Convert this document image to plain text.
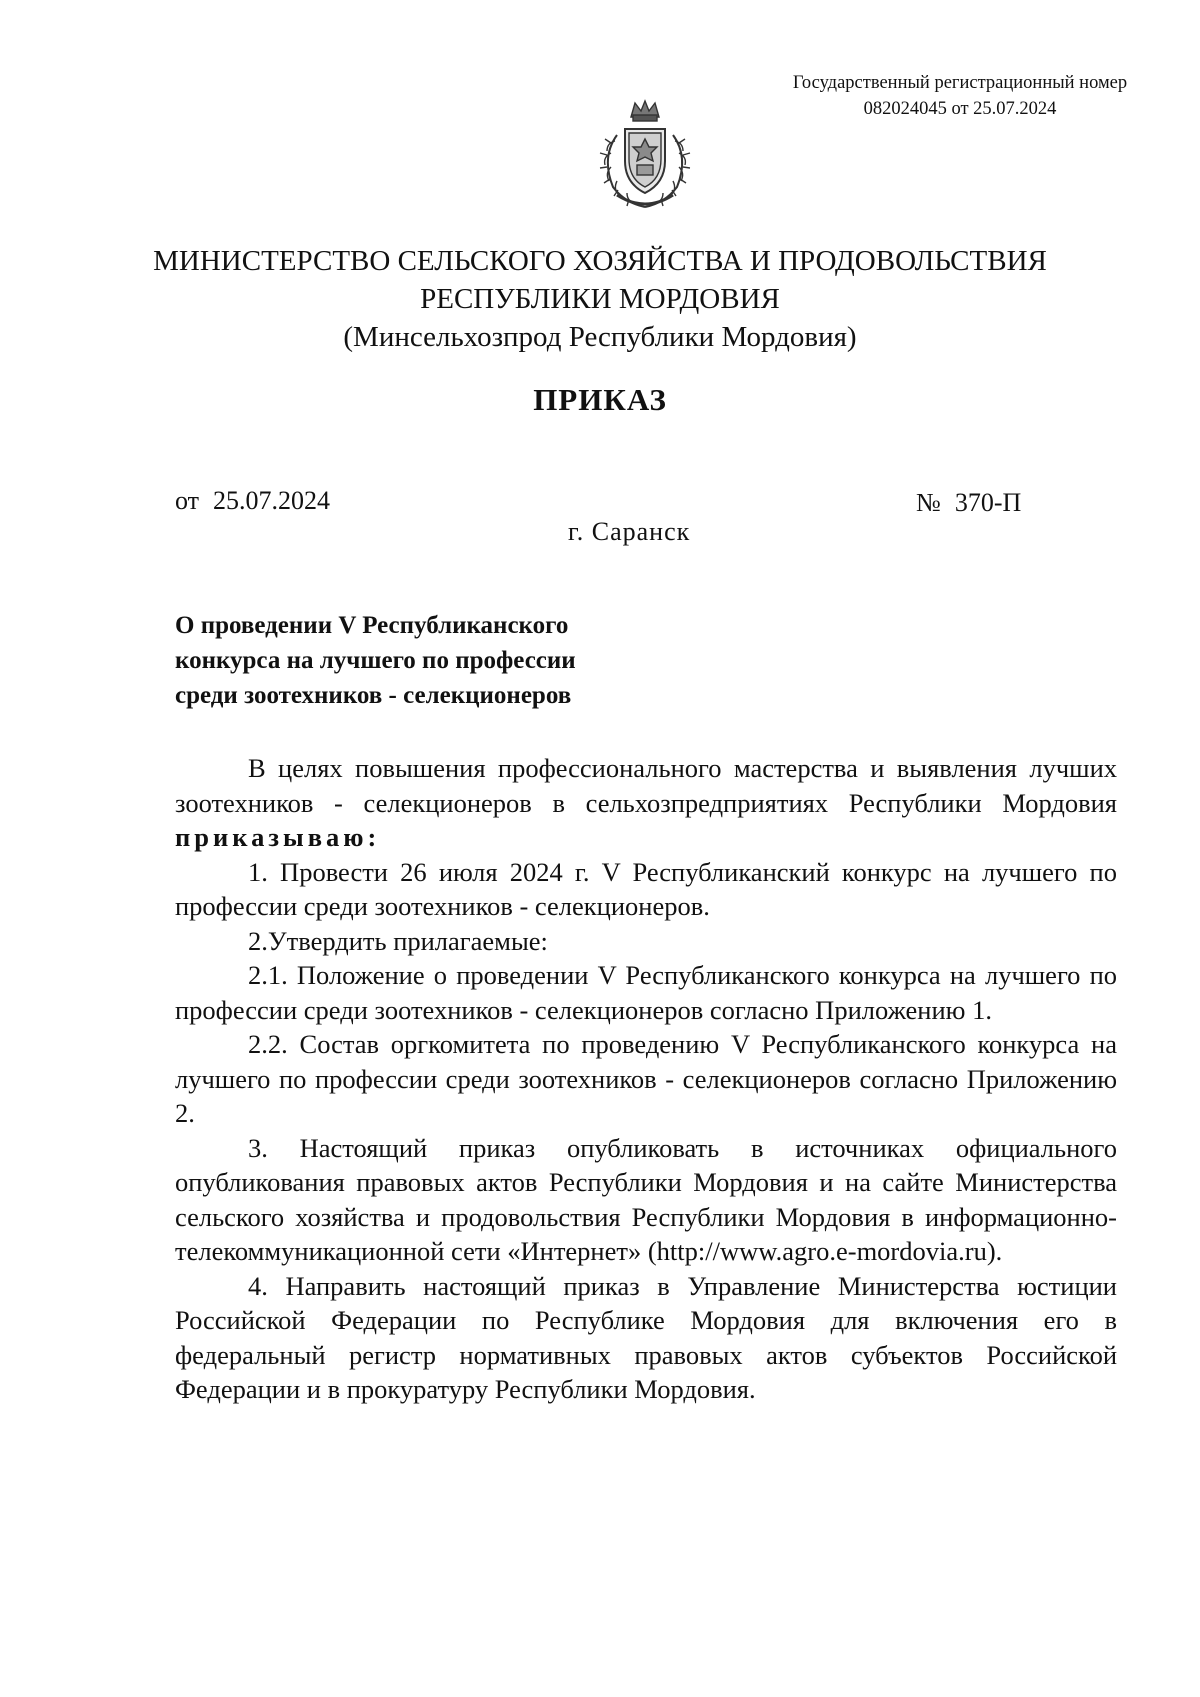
Государственный регистрационный номер
082024045 от 25.07.2024
МИНИСТЕРСТВО СЕЛЬСКОГО ХОЗЯЙСТВА И ПРОДОВОЛЬСТВИЯ
РЕСПУБЛИКИ МОРДОВИЯ
(Минсельхозпрод Республики Мордовия)
ПРИКАЗ
от 25.07.2024	№ 370-П
г. Саранск
О проведении V Республиканского
конкурса на лучшего по профессии
среди зоотехников - селекционеров

В целях повышения профессионального мастерства и выявления лучших зоотехников - селекционеров в сельхозпредприятиях Республики Мордовия приказываю:

1. Провести 26 июля 2024 г. V Республиканский конкурс на лучшего по профессии среди зоотехников - селекционеров.

2.Утвердить прилагаемые:

2.1. Положение о проведении V Республиканского конкурса на лучшего по профессии среди зоотехников - селекционеров согласно Приложению 1.

2.2. Состав оргкомитета по проведению V Республиканского конкурса на лучшего по профессии среди зоотехников - селекционеров согласно Приложению 2.

3. Настоящий приказ опубликовать в источниках официального опубликования правовых актов Республики Мордовия и на сайте Министерства сельского хозяйства и продовольствия Республики Мордовия в информационно-телекоммуникационной сети «Интернет» (http://www.agro.e-mordovia.ru).

4. Направить настоящий приказ в Управление Министерства юстиции Российской Федерации по Республике Мордовия для включения его в федеральный регистр нормативных правовых актов субъектов Российской Федерации и в прокуратуру Республики Мордовия.
